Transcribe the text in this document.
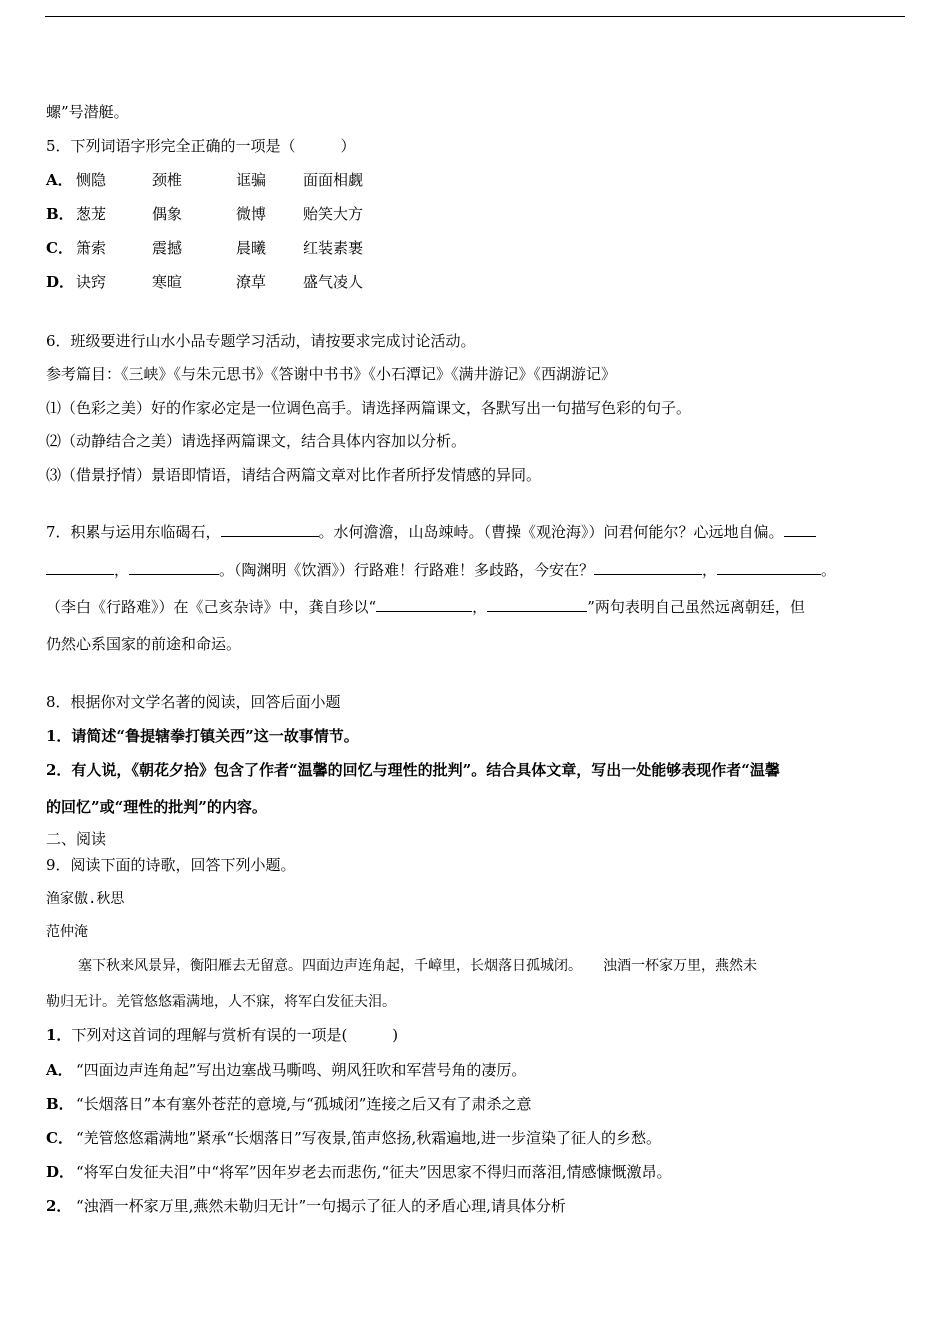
螺”号潜艇。
5．下列词语字形完全正确的一项是（　　　）
A． 恻隐	颈椎	诓骗 面面相觑
B． 葱茏	偶象	微博 贻笑大方
C． 箫索	震撼	晨曦 红装素裹
D． 诀窍	寒暄	潦草 盛气凌人
6．班级要进行山水小品专题学习活动，请按要求完成讨论活动。
参考篇目：《三峡》《与朱元思书》《答谢中书书》《小石潭记》《满井游记》《西湖游记》
⑴（色彩之美）好的作家必定是一位调色高手。请选择两篇课文，各默写出一句描写色彩的句子。
⑵（动静结合之美）请选择两篇课文，结合具体内容加以分析。
⑶（借景抒情）景语即情语，请结合两篇文章对比作者所抒发情感的异同。
7．积累与运用东临碣石，	。水何澹澹，山岛竦峙。（曹操《观沧海》）问君何能尔？心远地自偏。
，	。（陶渊明《饮酒》）行路难！行路难！多歧路，今安在？	，	。
（李白《行路难》）在《己亥杂诗》中，龚自珍以“	，	”两句表明自己虽然远离朝廷，但
仍然心系国家的前途和命运。
8．根据你对文学名著的阅读，回答后面小题
1．请简述“鲁提辖拳打镇关西”这一故事情节。
2．有人说，《朝花夕拾》包含了作者“温馨的回忆与理性的批判”。结合具体文章，写出一处能够表现作者“温馨
的回忆”或“理性的批判”的内容。
二、阅读
9．阅读下面的诗歌，回答下列小题。
渔家傲.秋思
范仲淹
塞下秋来风景异，衡阳雁去无留意。四面边声连角起，千嶂里，长烟落日孤城闭。　　浊酒一杯家万里，燕然未
勒归无计。羌管悠悠霜满地，人不寐，将军白发征夫泪。
1．下列对这首词的理解与赏析有误的一项是(　　　)
A． “四面边声连角起”写出边塞战马嘶鸣、朔风狂吹和军营号角的凄厉。
B． “长烟落日”本有塞外苍茫的意境,与“孤城闭”连接之后又有了肃杀之意
C． “羌管悠悠霜满地”紧承“长烟落日”写夜景,笛声悠扬,秋霜遍地,进一步渲染了征人的乡愁。
D． “将军白发征夫泪”中“将军”因年岁老去而悲伤,“征夫”因思家不得归而落泪,情感慷慨激昂。
2． “浊酒一杯家万里,燕然未勒归无计”一句揭示了征人的矛盾心理,请具体分析
